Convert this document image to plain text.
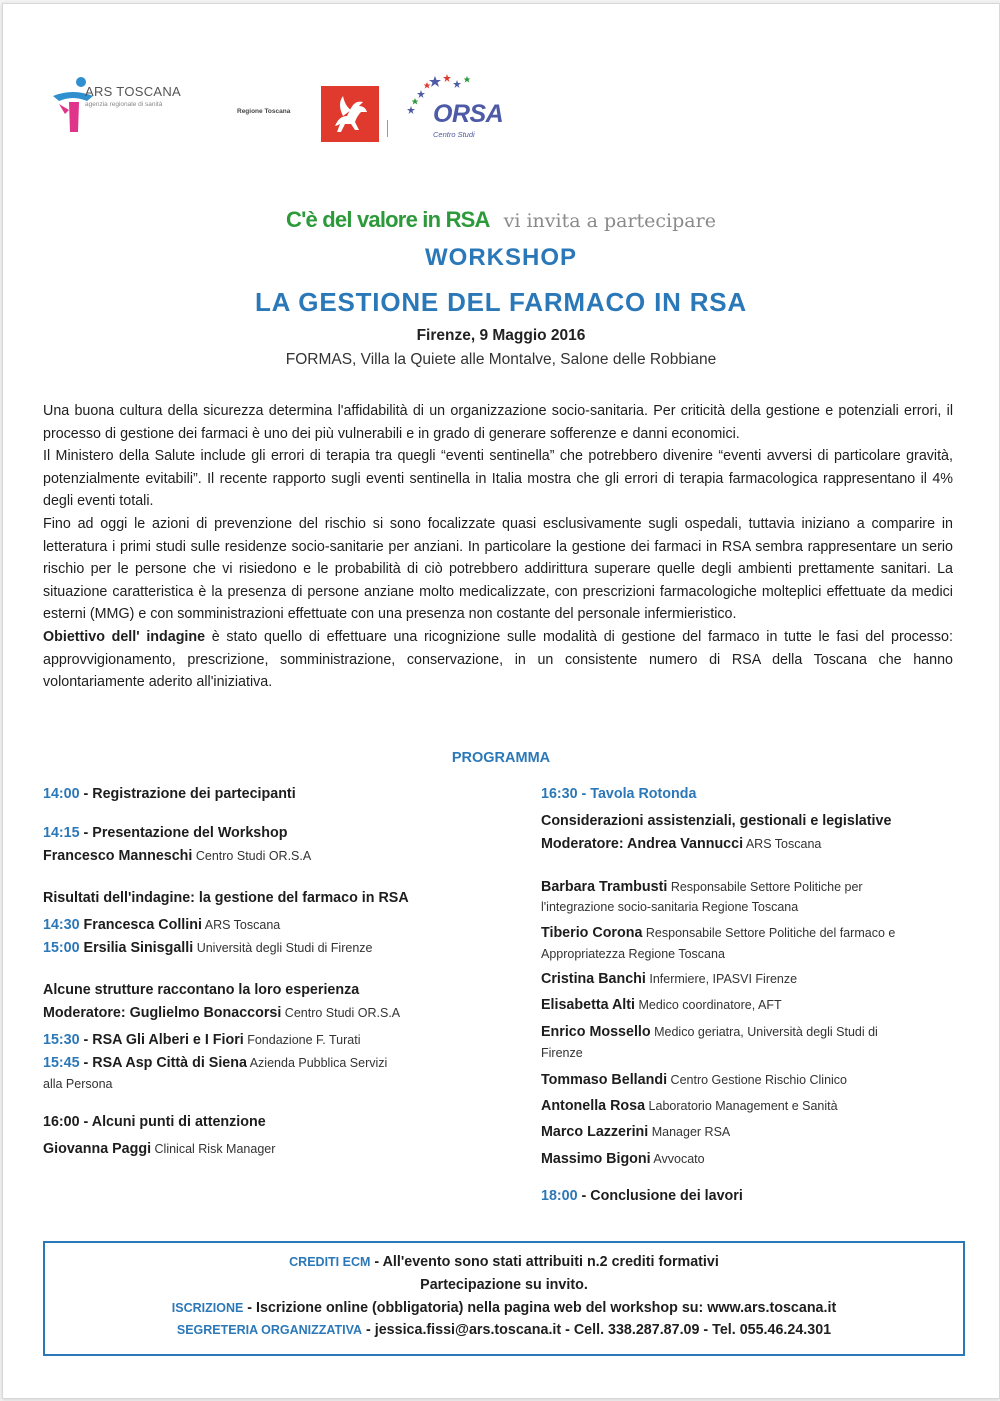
ARS TOSCANA
agenzia regionale di sanità
Regione Toscana	ORSA
Centro Studi
C'è del valore in RSA vi invita a partecipare
WORKSHOP
LA GESTIONE DEL FARMACO IN RSA
Firenze, 9 Maggio 2016
FORMAS, Villa la Quiete alle Montalve, Salone delle Robbiane

Una buona cultura della sicurezza determina l'affidabilità di un organizzazione socio-sanitaria. Per criticità della gestione e potenziali errori, il processo di gestione dei farmaci è uno dei più vulnerabili e in grado di generare sofferenze e danni economici.

Il Ministero della Salute include gli errori di terapia tra quegli “eventi sentinella” che potrebbero divenire “eventi avversi di particolare gravità, potenzialmente evitabili”. Il recente rapporto sugli eventi sentinella in Italia mostra che gli errori di terapia farmacologica rappresentano il 4% degli eventi totali.

Fino ad oggi le azioni di prevenzione del rischio si sono focalizzate quasi esclusivamente sugli ospedali, tuttavia iniziano a comparire in letteratura i primi studi sulle residenze socio-sanitarie per anziani. In particolare la gestione dei farmaci in RSA sembra rappresentare un serio rischio per le persone che vi risiedono e le probabilità di ciò potrebbero addirittura superare quelle degli ambienti prettamente sanitari. La situazione caratteristica è la presenza di persone anziane molto medicalizzate, con prescrizioni farmacologiche molteplici effettuate da medici esterni (MMG) e con somministrazioni effettuate con una presenza non costante del personale infermieristico.

Obiettivo dell' indagine è stato quello di effettuare una ricognizione sulle modalità di gestione del farmaco in tutte le fasi del processo: approvvigionamento, prescrizione, somministrazione, conservazione, in un consistente numero di RSA della Toscana che hanno volontariamente aderito all'iniziativa.

PROGRAMMA
14:00 - Registrazione dei partecipanti
14:15 - Presentazione del Workshop
Francesco Manneschi Centro Studi OR.S.A
Risultati dell'indagine: la gestione del farmaco in RSA
14:30 Francesca Collini ARS Toscana
15:00 Ersilia Sinisgalli Università degli Studi di Firenze
Alcune strutture raccontano la loro esperienza
Moderatore: Guglielmo Bonaccorsi Centro Studi OR.S.A
15:30 - RSA Gli Alberi e I Fiori Fondazione F. Turati
15:45 - RSA Asp Città di Siena Azienda Pubblica Servizi
alla Persona
16:00 - Alcuni punti di attenzione
Giovanna Paggi Clinical Risk Manager
16:30 - Tavola Rotonda
Considerazioni assistenziali, gestionali e legislative
Moderatore: Andrea Vannucci ARS Toscana
Barbara Trambusti Responsabile Settore Politiche per
l'integrazione socio-sanitaria Regione Toscana
Tiberio Corona Responsabile Settore Politiche del farmaco e
Appropriatezza Regione Toscana
Cristina Banchi Infermiere, IPASVI Firenze
Elisabetta Alti Medico coordinatore, AFT
Enrico Mossello Medico geriatra, Università degli Studi di
Firenze
Tommaso Bellandi Centro Gestione Rischio Clinico
Antonella Rosa Laboratorio Management e Sanità
Marco Lazzerini Manager RSA
Massimo Bigoni Avvocato
18:00 - Conclusione dei lavori
CREDITI ECM - All'evento sono stati attribuiti n.2 crediti formativi
Partecipazione su invito.
ISCRIZIONE - Iscrizione online (obbligatoria) nella pagina web del workshop su: www.ars.toscana.it
SEGRETERIA ORGANIZZATIVA - jessica.fissi@ars.toscana.it - Cell. 338.287.87.09 - Tel. 055.46.24.301
